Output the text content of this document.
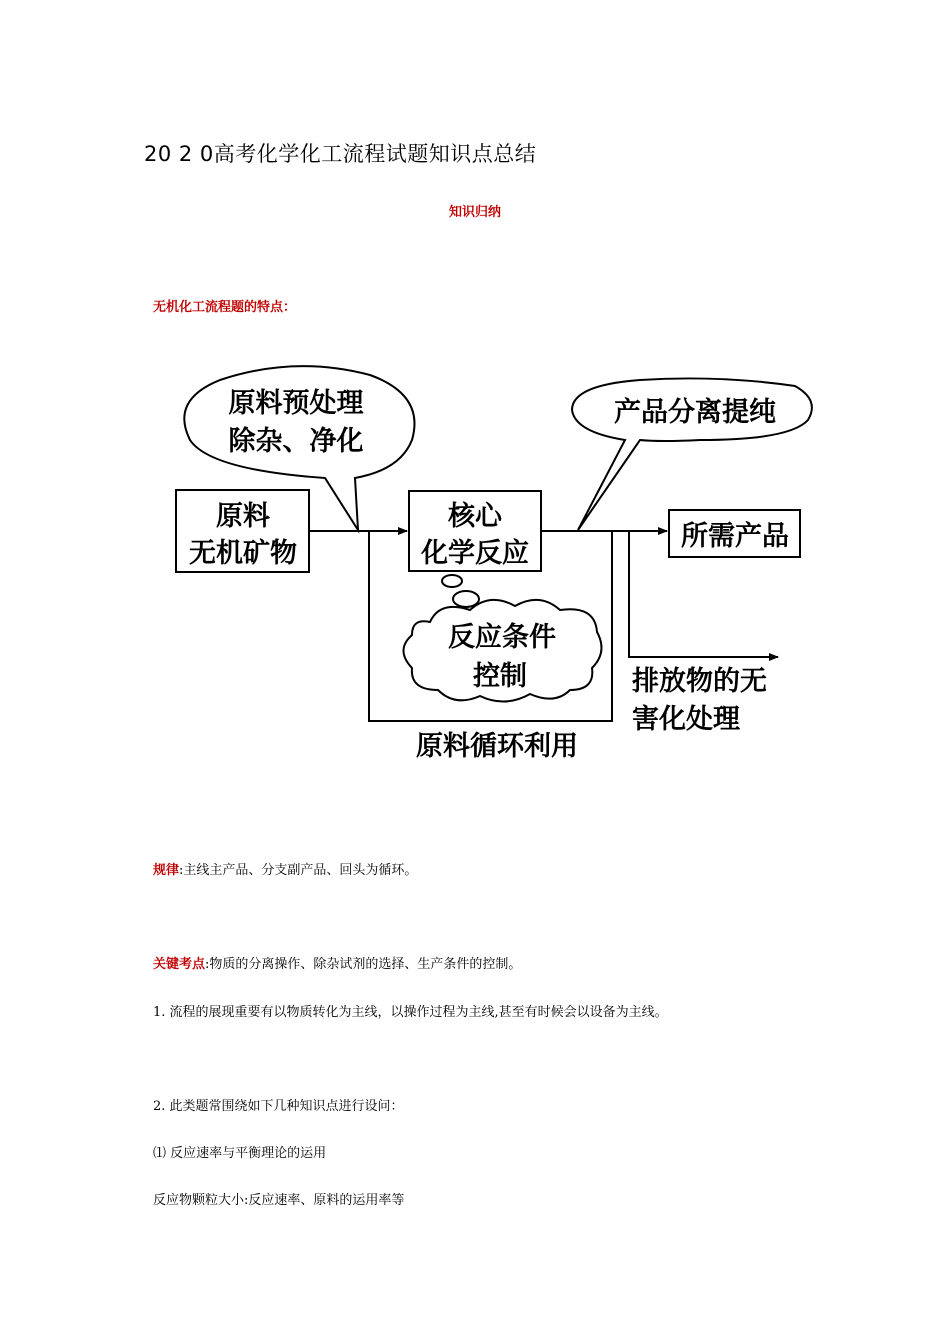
20 2 0高考化学化工流程试题知识点总结
知识归纳
无机化工流程题的特点：
原料预处理
除杂、净化
产品分离提纯
原料
无机矿物
核心
化学反应
所需产品
原料循环利用
排放物的无
害化处理
反应条件
控制
规律:主线主产品、分支副产品、回头为循环。
关键考点:物质的分离操作、除杂试剂的选择、生产条件的控制。
1. 流程的展现重要有以物质转化为主线，以操作过程为主线,甚至有时候会以设备为主线。
2. 此类题常围绕如下几种知识点进行设问：
⑴ 反应速率与平衡理论的运用
反应物颗粒大小:反应速率、原料的运用率等
